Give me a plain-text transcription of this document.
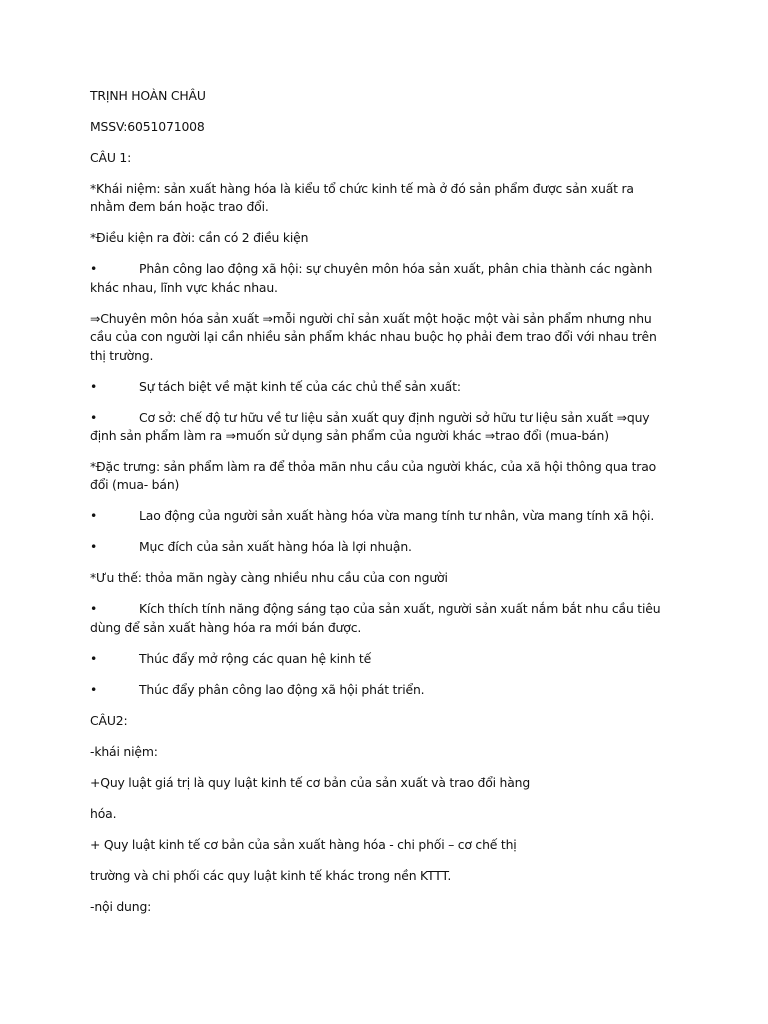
TRỊNH HOÀN CHÂU
MSSV:6051071008
CÂU 1:
*Khái niệm: sản xuất hàng hóa là kiểu tổ chức kinh tế mà ở đó sản phẩm được sản xuất ra nhằm đem bán hoặc trao đổi.
*Điều kiện ra đời: cần có 2 điều kiện
•	Phân công lao động xã hội: sự chuyên môn hóa sản xuất, phân chia thành các ngành khác nhau, lĩnh vực khác nhau.
⇒Chuyên môn hóa sản xuất ⇒mỗi người chỉ sản xuất một hoặc một vài sản phẩm nhưng nhu cầu của con người lại cần nhiều sản phẩm khác nhau buộc họ phải đem trao đổi với nhau trên thị trường.
•	Sự tách biệt về mặt kinh tế của các chủ thể sản xuất:
•	Cơ sở: chế độ tư hữu về tư liệu sản xuất quy định người sở hữu tư liệu sản xuất ⇒quy định sản phẩm làm ra ⇒muốn sử dụng sản phẩm của người khác ⇒trao đổi (mua-bán)
*Đặc trưng: sản phẩm làm ra để thỏa mãn nhu cầu của người khác, của xã hội thông qua trao đổi (mua- bán)
•	Lao động của người sản xuất hàng hóa vừa mang tính tư nhân, vừa mang tính xã hội.
•	Mục đích của sản xuất hàng hóa là lợi nhuận.
*Ưu thế: thỏa mãn ngày càng nhiều nhu cầu của con người
•	Kích thích tính năng động sáng tạo của sản xuất, người sản xuất nắm bắt nhu cầu tiêu dùng để sản xuất hàng hóa ra mới bán được.
•	Thúc đẩy mở rộng các quan hệ kinh tế
•	Thúc đẩy phân công lao động xã hội phát triển.
CÂU2:
-khái niệm:
+Quy luật giá trị là quy luật kinh tế cơ bản của sản xuất và trao đổi hàng
hóa.
+ Quy luật kinh tế cơ bản của sản xuất hàng hóa - chi phối – cơ chế thị
trường và chi phối các quy luật kinh tế khác trong nền KTTT.
-nội dung:
